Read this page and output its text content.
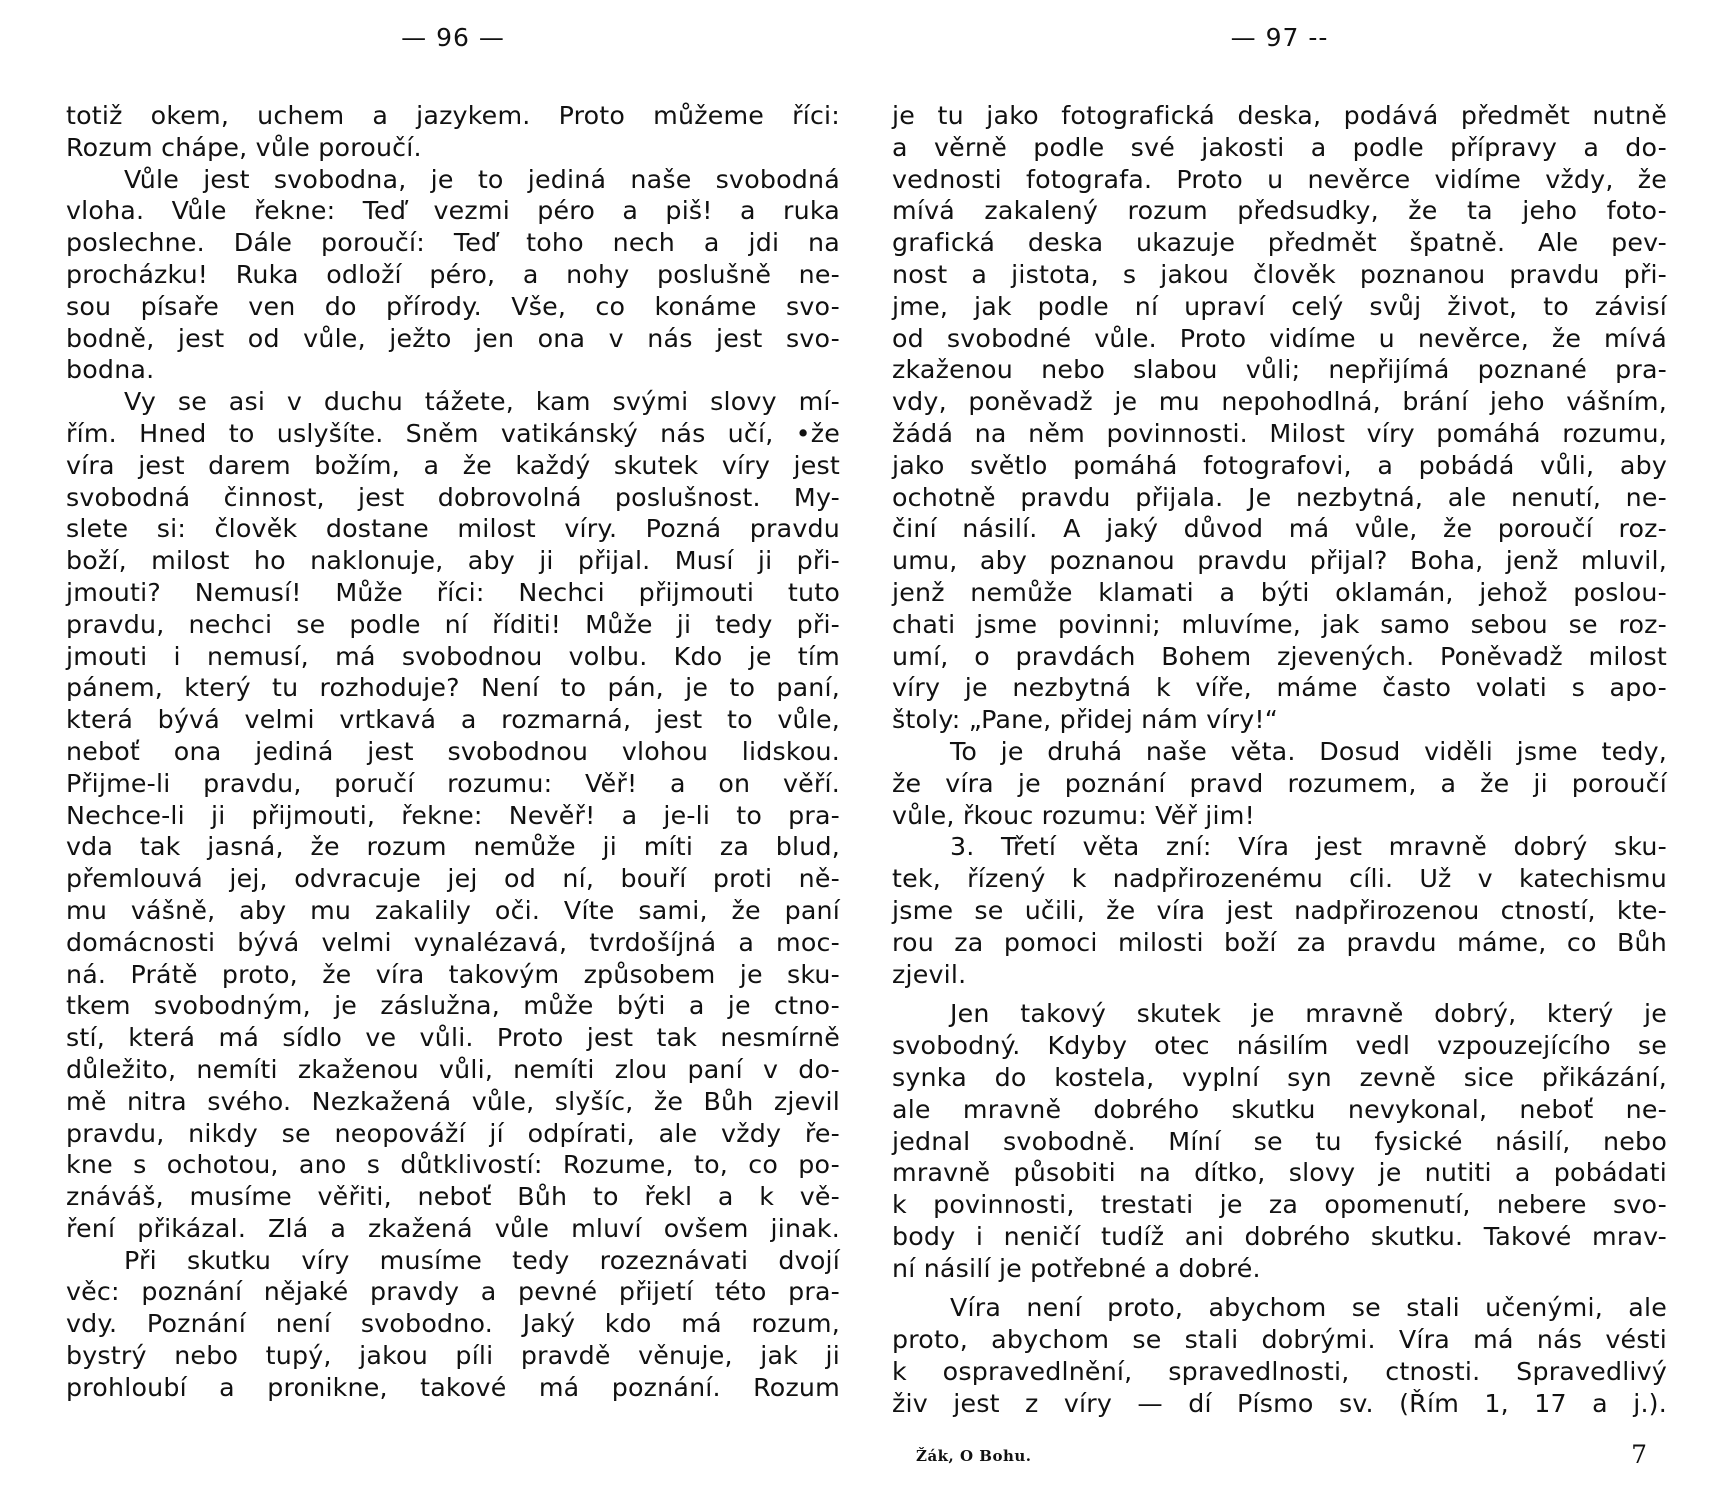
— 96 —
totiž okem, uchem a jazykem. Proto můžeme říci:
Rozum chápe, vůle poroučí.
Vůle jest svobodna, je to jediná naše svobodná
vloha. Vůle řekne: Teď vezmi péro a piš! a ruka
poslechne. Dále poroučí: Teď toho nech a jdi na
procházku! Ruka odloží péro, a nohy poslušně ne-
sou písaře ven do přírody. Vše, co konáme svo-
bodně, jest od vůle, ježto jen ona v nás jest svo-
bodna.
Vy se asi v duchu tážete, kam svými slovy mí-
řím. Hned to uslyšíte. Sněm vatikánský nás učí, •že
víra jest darem božím, a že každý skutek víry jest
svobodná činnost, jest dobrovolná poslušnost. My-
slete si: člověk dostane milost víry. Pozná pravdu
boží, milost ho naklonuje, aby ji přijal. Musí ji při-
jmouti? Nemusí! Může říci: Nechci přijmouti tuto
pravdu, nechci se podle ní říditi! Může ji tedy při-
jmouti i nemusí, má svobodnou volbu. Kdo je tím
pánem, který tu rozhoduje? Není to pán, je to paní,
která bývá velmi vrtkavá a rozmarná, jest to vůle,
neboť ona jediná jest svobodnou vlohou lidskou.
Přijme-li pravdu, poručí rozumu: Věř! a on věří.
Nechce-li ji přijmouti, řekne: Nevěř! a je-li to pra-
vda tak jasná, že rozum nemůže ji míti za blud,
přemlouvá jej, odvracuje jej od ní, bouří proti ně-
mu vášně, aby mu zakalily oči. Víte sami, že paní
domácnosti bývá velmi vynalézavá, tvrdošíjná a moc-
ná. Prátě proto, že víra takovým způsobem je sku-
tkem svobodným, je záslužna, může býti a je ctno-
stí, která má sídlo ve vůli. Proto jest tak nesmírně
důležito, nemíti zkaženou vůli, nemíti zlou paní v do-
mě nitra svého. Nezkažená vůle, slyšíc, že Bůh zjevil
pravdu, nikdy se neopováží jí odpírati, ale vždy ře-
kne s ochotou, ano s důtklivostí: Rozume, to, co po-
znáváš, musíme věřiti, neboť Bůh to řekl a k vě-
ření přikázal. Zlá a zkažená vůle mluví ovšem jinak.
Při skutku víry musíme tedy rozeznávati dvojí
věc: poznání nějaké pravdy a pevné přijetí této pra-
vdy. Poznání není svobodno. Jaký kdo má rozum,
bystrý nebo tupý, jakou píli pravdě věnuje, jak ji
prohloubí a pronikne, takové má poznání. Rozum
— 97 --
je tu jako fotografická deska, podává předmět nutně
a věrně podle své jakosti a podle přípravy a do-
vednosti fotografa. Proto u nevěrce vidíme vždy, že
mívá zakalený rozum předsudky, že ta jeho foto-
grafická deska ukazuje předmět špatně. Ale pev-
nost a jistota, s jakou člověk poznanou pravdu při-
jme, jak podle ní upraví celý svůj život, to závisí
od svobodné vůle. Proto vidíme u nevěrce, že mívá
zkaženou nebo slabou vůli; nepřijímá poznané pra-
vdy, poněvadž je mu nepohodlná, brání jeho vášním,
žádá na něm povinnosti. Milost víry pomáhá rozumu,
jako světlo pomáhá fotografovi, a pobádá vůli, aby
ochotně pravdu přijala. Je nezbytná, ale nenutí, ne-
činí násilí. A jaký důvod má vůle, že poroučí roz-
umu, aby poznanou pravdu přijal? Boha, jenž mluvil,
jenž nemůže klamati a býti oklamán, jehož poslou-
chati jsme povinni; mluvíme, jak samo sebou se roz-
umí, o pravdách Bohem zjevených. Poněvadž milost
víry je nezbytná k víře, máme často volati s apo-
štoly: „Pane, přidej nám víry!“
To je druhá naše věta. Dosud viděli jsme tedy,
že víra je poznání pravd rozumem, a že ji poroučí
vůle, řkouc rozumu: Věř jim!
3. Třetí věta zní: Víra jest mravně dobrý sku-
tek, řízený k nadpřirozenému cíli. Už v katechismu
jsme se učili, že víra jest nadpřirozenou ctností, kte-
rou za pomoci milosti boží za pravdu máme, co Bůh
zjevil.
Jen takový skutek je mravně dobrý, který je
svobodný. Kdyby otec násilím vedl vzpouzejícího se
synka do kostela, vyplní syn zevně sice přikázání,
ale mravně dobrého skutku nevykonal, neboť ne-
jednal svobodně. Míní se tu fysické násilí, nebo
mravně působiti na dítko, slovy je nutiti a pobádati
k povinnosti, trestati je za opomenutí, nebere svo-
body i neničí tudíž ani dobrého skutku. Takové mrav-
ní násilí je potřebné a dobré.
Víra není proto, abychom se stali učenými, ale
proto, abychom se stali dobrými. Víra má nás vésti
k ospravedlnění, spravedlnosti, ctnosti. Spravedlivý
živ jest z víry — dí Písmo sv. (Řím 1, 17 a j.).
Žák, O Bohu.	7
